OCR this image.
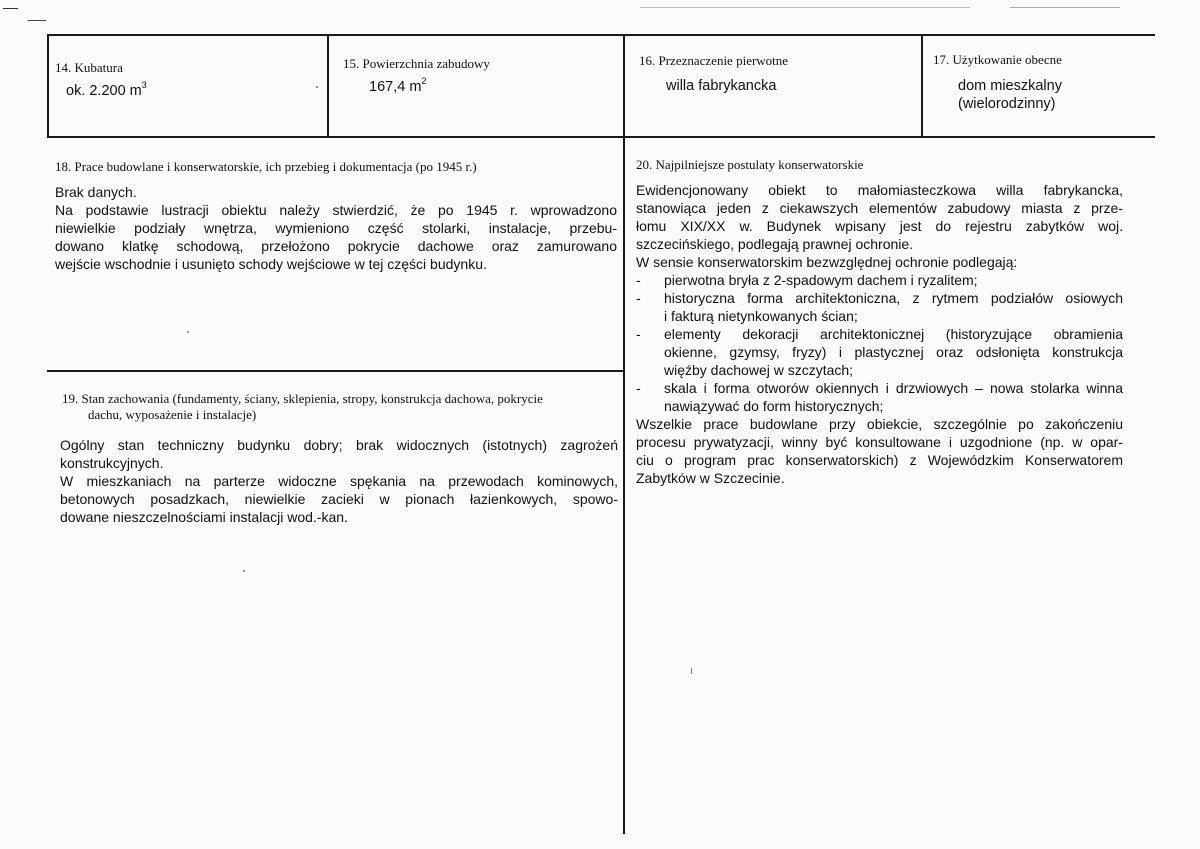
14. Kubatura
ok. 2.200 $m^3$
15. Powierzchnia zabudowy
167,4 $m^2$
16. Przeznaczenie pierwotne
willa fabrykancka
17. Użytkowanie obecne
dom mieszkalny
(wielorodzinny)
18. Prace budowlane i konserwatorskie, ich przebieg i dokumentacja (po 1945 r.)
Brak danych.
Na podstawie lustracji obiektu należy stwierdzić, że po 1945 r. wprowadzono
niewielkie podziały wnętrza, wymieniono część stolarki, instalacje, przebu-
dowano klatkę schodową, przełożono pokrycie dachowe oraz zamurowano
wejście wschodnie i usunięto schody wejściowe w tej części budynku.
19. Stan zachowania (fundamenty, ściany, sklepienia, stropy, konstrukcja dachowa, pokrycie
dachu, wyposażenie i instalacje)
Ogólny stan techniczny budynku dobry; brak widocznych (istotnych) zagrożeń
konstrukcyjnych.
W mieszkaniach na parterze widoczne spękania na przewodach kominowych,
betonowych posadzkach, niewielkie zacieki w pionach łazienkowych, spowo-
dowane nieszczelnościami instalacji wod.-kan.
20. Najpilniejsze postulaty konserwatorskie
Ewidencjonowany obiekt to małomiasteczkowa willa fabrykancka,
stanowiąca jeden z ciekawszych elementów zabudowy miasta z prze-
łomu XIX/XX w. Budynek wpisany jest do rejestru zabytków woj.
szczecińskiego, podlegają prawnej ochronie.
W sensie konserwatorskim bezwzględnej ochronie podlegają:
- pierwotna bryła z 2-spadowym dachem i ryzalitem;
- historyczna forma architektoniczna, z rytmem podziałów osiowych
i fakturą nietynkowanych ścian;
- elementy dekoracji architektonicznej (historyzujące obramienia
okienne, gzymsy, fryzy) i plastycznej oraz odsłonięta konstrukcja
więźby dachowej w szczytach;
- skala i forma otworów okiennych i drzwiowych – nowa stolarka winna
nawiązywać do form historycznych;
Wszelkie prace budowlane przy obiekcie, szczególnie po zakończeniu
procesu prywatyzacji, winny być konsultowane i uzgodnione (np. w opar-
ciu o program prac konserwatorskich) z Wojewódzkim Konserwatorem
Zabytków w Szczecinie.
